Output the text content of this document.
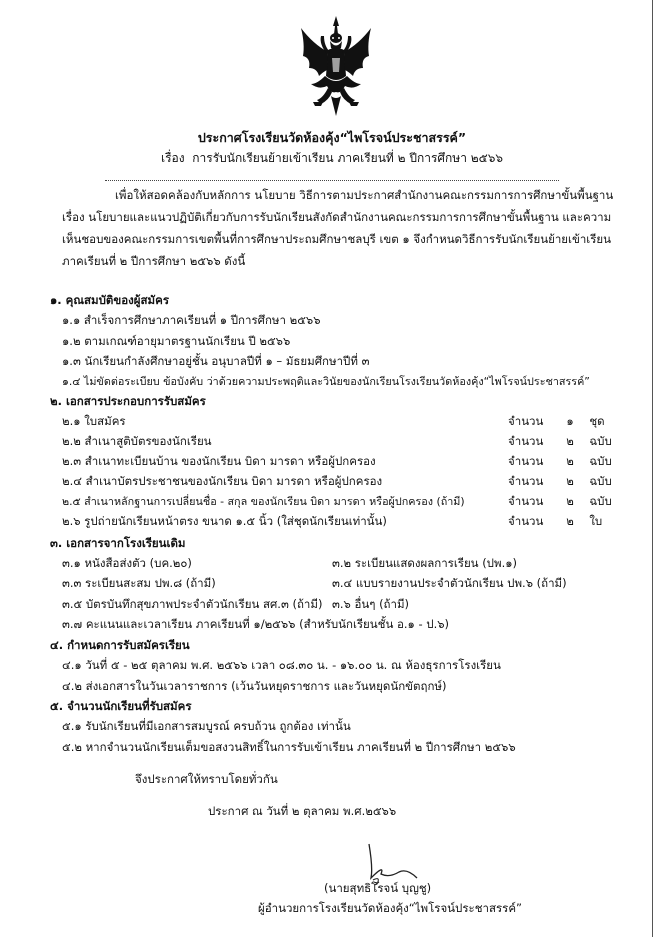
ประกาศโรงเรียนวัดห้องคุ้ง“ไพโรจน์ประชาสรรค์”
เรื่อง การรับนักเรียนย้ายเข้าเรียน ภาคเรียนที่ ๒ ปีการศึกษา ๒๕๖๖
เพื่อให้สอดคล้องกับหลักการ นโยบาย วิธีการตามประกาศสำนักงานคณะกรรมการการศึกษาขั้นพื้นฐาน
เรื่อง นโยบายและแนวปฏิบัติเกี่ยวกับการรับนักเรียนสังกัดสำนักงานคณะกรรมการการศึกษาขั้นพื้นฐาน และความ
เห็นชอบของคณะกรรมการเขตพื้นที่การศึกษาประถมศึกษาชลบุรี เขต ๑ จึงกำหนดวิธีการรับนักเรียนย้ายเข้าเรียน
ภาคเรียนที่ ๒ ปีการศึกษา ๒๕๖๖ ดังนี้
๑. คุณสมบัติของผู้สมัคร
๑.๑ สำเร็จการศึกษาภาคเรียนที่ ๑ ปีการศึกษา ๒๕๖๖
๑.๒ ตามเกณฑ์อายุมาตรฐานนักเรียน ปี ๒๕๖๖
๑.๓ นักเรียนกำลังศึกษาอยู่ชั้น อนุบาลปีที่ ๑ – มัธยมศึกษาปีที่ ๓
๑.๔ ไม่ขัดต่อระเบียบ ข้อบังคับ ว่าด้วยความประพฤติและวินัยของนักเรียนโรงเรียนวัดห้องคุ้ง“ไพโรจน์ประชาสรรค์”
๒. เอกสารประกอบการรับสมัคร
๒.๑ ใบสมัคร	จำนวน ๑ ชุด
๒.๒ สำเนาสูติบัตรของนักเรียน	จำนวน ๒ ฉบับ
๒.๓ สำเนาทะเบียนบ้าน ของนักเรียน บิดา มารดา หรือผู้ปกครอง	จำนวน ๒ ฉบับ
๒.๔ สำเนาบัตรประชาชนของนักเรียน บิดา มารดา หรือผู้ปกครอง	จำนวน ๒ ฉบับ
๒.๕ สำเนาหลักฐานการเปลี่ยนชื่อ - สกุล ของนักเรียน บิดา มารดา หรือผู้ปกครอง (ถ้ามี)	จำนวน ๒ ฉบับ
๒.๖ รูปถ่ายนักเรียนหน้าตรง ขนาด ๑.๕ นิ้ว (ใส่ชุดนักเรียนเท่านั้น)	จำนวน ๒ ใบ
๓. เอกสารจากโรงเรียนเดิม
๓.๑ หนังสือส่งตัว (บค.๒๐)	๓.๒ ระเบียนแสดงผลการเรียน (ปพ.๑)
๓.๓ ระเบียนสะสม ปพ.๘ (ถ้ามี)	๓.๔ แบบรายงานประจำตัวนักเรียน ปพ.๖ (ถ้ามี)
๓.๕ บัตรบันทึกสุขภาพประจำตัวนักเรียน สศ.๓ (ถ้ามี) ๓.๖ อื่นๆ (ถ้ามี)
๓.๗ คะแนนและเวลาเรียน ภาคเรียนที่ ๑/๒๕๖๖ (สำหรับนักเรียนชั้น อ.๑ - ป.๖)
๔. กำหนดการรับสมัครเรียน
๔.๑ วันที่ ๕ - ๒๕ ตุลาคม พ.ศ. ๒๕๖๖ เวลา ๐๘.๓๐ น. - ๑๖.๐๐ น. ณ ห้องธุรการโรงเรียน
๔.๒ ส่งเอกสารในวันเวลาราชการ (เว้นวันหยุดราชการ และวันหยุดนักขัตฤกษ์)
๕. จำนวนนักเรียนที่รับสมัคร
๕.๑ รับนักเรียนที่มีเอกสารสมบูรณ์ ครบถ้วน ถูกต้อง เท่านั้น
๕.๒ หากจำนวนนักเรียนเต็มขอสงวนสิทธิ์ในการรับเข้าเรียน ภาคเรียนที่ ๒ ปีการศึกษา ๒๕๖๖
จึงประกาศให้ทราบโดยทั่วกัน
ประกาศ ณ วันที่ ๒ ตุลาคม พ.ศ.๒๕๖๖
(นายสุทธิโรจน์ บุญชู)
ผู้อำนวยการโรงเรียนวัดห้องคุ้ง“ไพโรจน์ประชาสรรค์”
